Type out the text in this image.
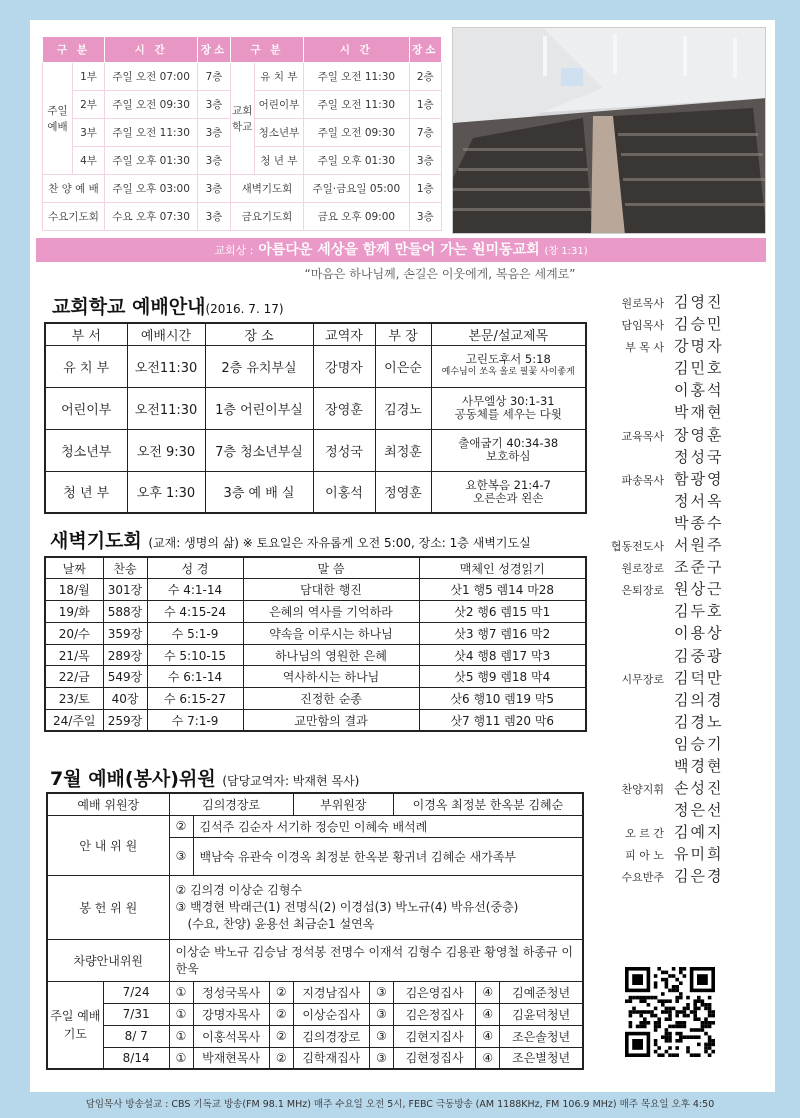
구 분		시 간	장소	구 분		시 간	장소
주일 예배	1부	주일 오전 07:00	7층	교회 학교	유 치 부	주일 오전 11:30	2층
	2부	주일 오전 09:30	3층		어린이부	주일 오전 11:30	1층
	3부	주일 오전 11:30	3층		청소년부	주일 오전 09:30	7층
	4부	주일 오후 01:30	3층		청 년 부	주일 오후 01:30	3층
찬 양 예 배		주일 오후 03:00	3층	새벽기도회		주일·금요일 05:00	1층
수요기도회		수요 오후 07:30	3층	금요기도회		금요 오후 09:00	3층
교회상 : 아름다운 세상을 함께 만들어 가는 원미동교회 (창 1:31)
“마음은 하나님께, 손길은 이웃에게, 복음은 세계로”
교회학교 예배안내(2016. 7. 17)
부 서	예배시간	장 소	교역자	부 장	본문/설교제목
유 치 부	오전11:30	2층 유치부실	강명자	이은순	고린도후서 5:18
예수님이 쏘옥 올로 필꽃 사이좋게

어린이부	오전11:30	1층 어린이부실	장영훈	김경노	사무엘상 30:1-31
공동체를 세우는 다윗

청소년부	오전 9:30	7층 청소년부실	정성국	최정훈	출애굽기 40:34-38
보호하심

청 년 부	오후 1:30	3층 예 배 실	이홍석	정영훈	요한복음 21:4-7
오른손과 왼손
새벽기도회 (교재: 생명의 삶) ※ 토요일은 자유롭게 오전 5:00, 장소: 1층 새벽기도실
날짜	찬송	성 경	말 씀	맥체인 성경읽기
18/월	301장	수 4:1-14	담대한 행진	삿1 행5 렘14 마28
19/화	588장	수 4:15-24	은혜의 역사를 기억하라	삿2 행6 렘15 막1
20/수	359장	수 5:1-9	약속을 이루시는 하나님	삿3 행7 렘16 막2
21/목	289장	수 5:10-15	하나님의 영원한 은혜	삿4 행8 렘17 막3
22/금	549장	수 6:1-14	역사하시는 하나님	삿5 행9 렘18 막4
23/토	40장	수 6:15-27	진정한 순종	삿6 행10 렘19 막5
24/주일	259장	수 7:1-9	교만함의 결과	삿7 행11 렘20 막6
7월 예배(봉사)위원 (담당교역자: 박재현 목사)
예배 위원장		김의경장로			부위원장		이경옥 최정분 한옥분 김혜순		
안 내 위 원		②	김석주 김순자 서기하 정승민 이혜숙 배석례						
		③	백남숙 유관숙 이경옥 최정분 한옥분 황귀녀 김혜순 새가족부						
봉 헌 위 원		② 김의경 이상순 김형수
③ 백경현 박래근(1) 전명식(2) 이경섭(3) 박노규(4) 박유선(중층)
(수요, 찬양) 윤용선 최금순1 설연옥							

차량안내위원		이상순 박노규 김승남 정석봉 전명수 이재석 김형수 김용관 황영철 하종규 이한욱							
주일 예배 기도	7/24	①	정성국목사	②	지경남집사	③	김은영집사	④	김예준청년
	7/31	①	강명자목사	②	이상순집사	③	김은정집사	④	김윤덕청년
	8/ 7	①	이홍석목사	②	김의경장로	③	김현지집사	④	조은솔청년
	8/14	①	박재현목사	②	김학재집사	③	김현정집사	④	조은별청년
원로목사 김영진
담임목사 김승민
부 목 사 강명자
김민호
이홍석
박재현
교육목사 장영훈
정성국
파송목사 함광영
정서옥
박종수
협동전도사 서원주
원로장로 조준구
은퇴장로 원상근
김두호
이용상
김중광
시무장로 김덕만
김의경
김경노
임승기
백경현
찬양지휘 손성진
정은선
오 르 간 김예지
피 아 노 유미희
수요반주 김은경
담임목사 방송설교 : CBS 기독교 방송(FM 98.1 MHz) 매주 수요일 오전 5시, FEBC 극동방송 (AM 1188KHz, FM 106.9 MHz) 매주 목요일 오후 4:50
